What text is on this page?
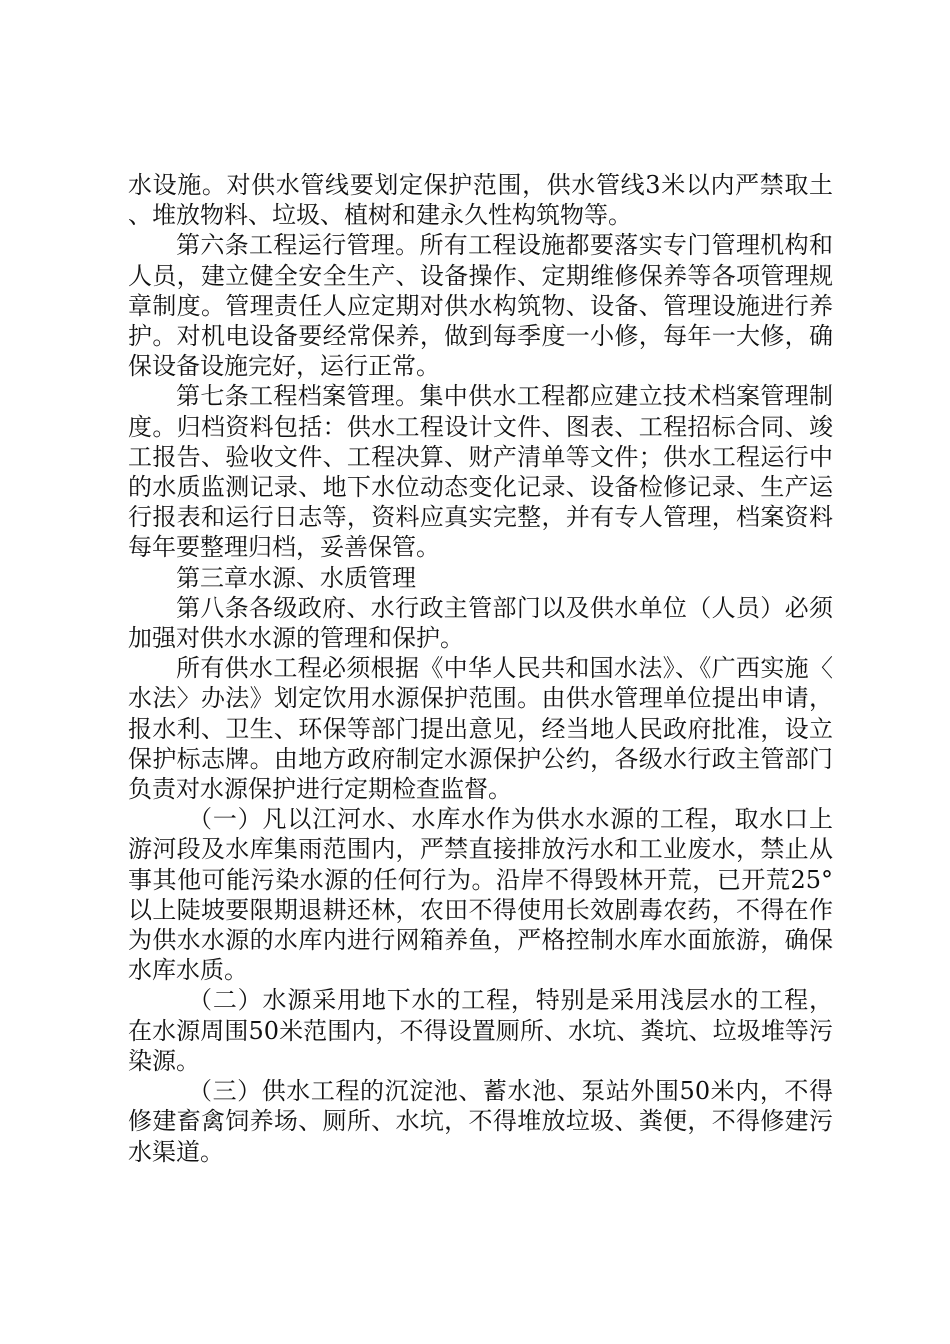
水设施。对供水管线要划定保护范围，供水管线3米以内严禁取土、堆放物料、垃圾、植树和建永久性构筑物等。

第六条工程运行管理。所有工程设施都要落实专门管理机构和人员，建立健全安全生产、设备操作、定期维修保养等各项管理规章制度。管理责任人应定期对供水构筑物、设备、管理设施进行养护。对机电设备要经常保养，做到每季度一小修，每年一大修，确保设备设施完好，运行正常。

第七条工程档案管理。集中供水工程都应建立技术档案管理制度。归档资料包括：供水工程设计文件、图表、工程招标合同、竣工报告、验收文件、工程决算、财产清单等文件；供水工程运行中的水质监测记录、地下水位动态变化记录、设备检修记录、生产运行报表和运行日志等，资料应真实完整，并有专人管理，档案资料每年要整理归档，妥善保管。

第三章水源、水质管理

第八条各级政府、水行政主管部门以及供水单位（人员）必须加强对供水水源的管理和保护。

所有供水工程必须根据《中华人民共和国水法》、《广西实施〈水法〉办法》划定饮用水源保护范围。由供水管理单位提出申请，报水利、卫生、环保等部门提出意见，经当地人民政府批准，设立保护标志牌。由地方政府制定水源保护公约，各级水行政主管部门负责对水源保护进行定期检查监督。

（一）凡以江河水、水库水作为供水水源的工程，取水口上游河段及水库集雨范围内，严禁直接排放污水和工业废水，禁止从事其他可能污染水源的任何行为。沿岸不得毁林开荒，已开荒25°以上陡坡要限期退耕还林，农田不得使用长效剧毒农药，不得在作为供水水源的水库内进行网箱养鱼，严格控制水库水面旅游，确保水库水质。

（二）水源采用地下水的工程，特别是采用浅层水的工程，在水源周围50米范围内，不得设置厕所、水坑、粪坑、垃圾堆等污染源。

（三）供水工程的沉淀池、蓄水池、泵站外围50米内，不得修建畜禽饲养场、厕所、水坑，不得堆放垃圾、粪便，不得修建污水渠道。
